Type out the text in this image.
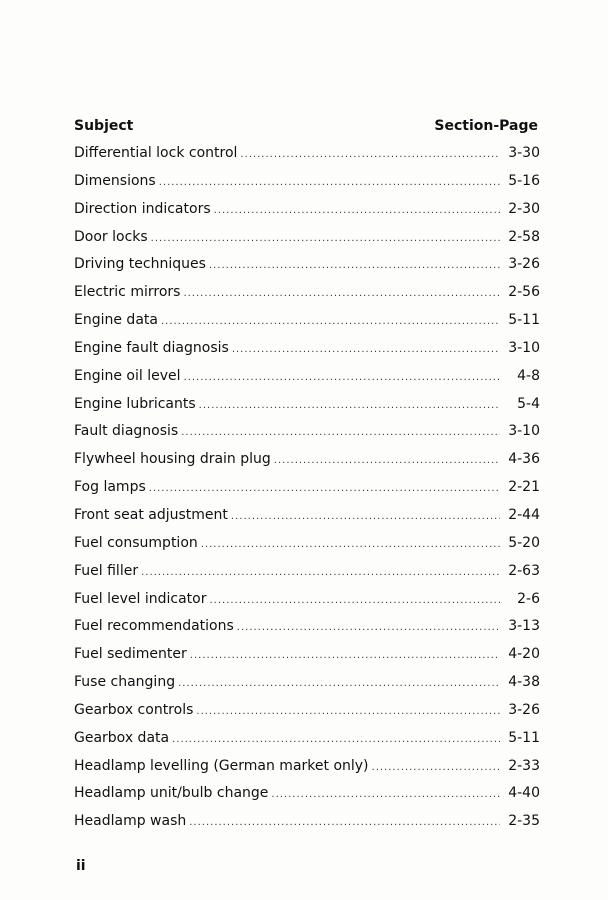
Subject	Section-Page
Differential lock control .....	3-30
Dimensions .....	5-16
Direction indicators .....	2-30
Door locks .....	2-58
Driving techniques .....	3-26
Electric mirrors .....	2-56
Engine data .....	5-11
Engine fault diagnosis .....	3-10
Engine oil level .....	4-8
Engine lubricants .....	5-4
Fault diagnosis .....	3-10
Flywheel housing drain plug .....	4-36
Fog lamps .....	2-21
Front seat adjustment .....	2-44
Fuel consumption .....	5-20
Fuel filler .....	2-63
Fuel level indicator .....	2-6
Fuel recommendations .....	3-13
Fuel sedimenter .....	4-20
Fuse changing .....	4-38
Gearbox controls .....	3-26
Gearbox data .....	5-11
Headlamp levelling (German market only) .....	2-33
Headlamp unit/bulb change .....	4-40
Headlamp wash .....	2-35
ii
